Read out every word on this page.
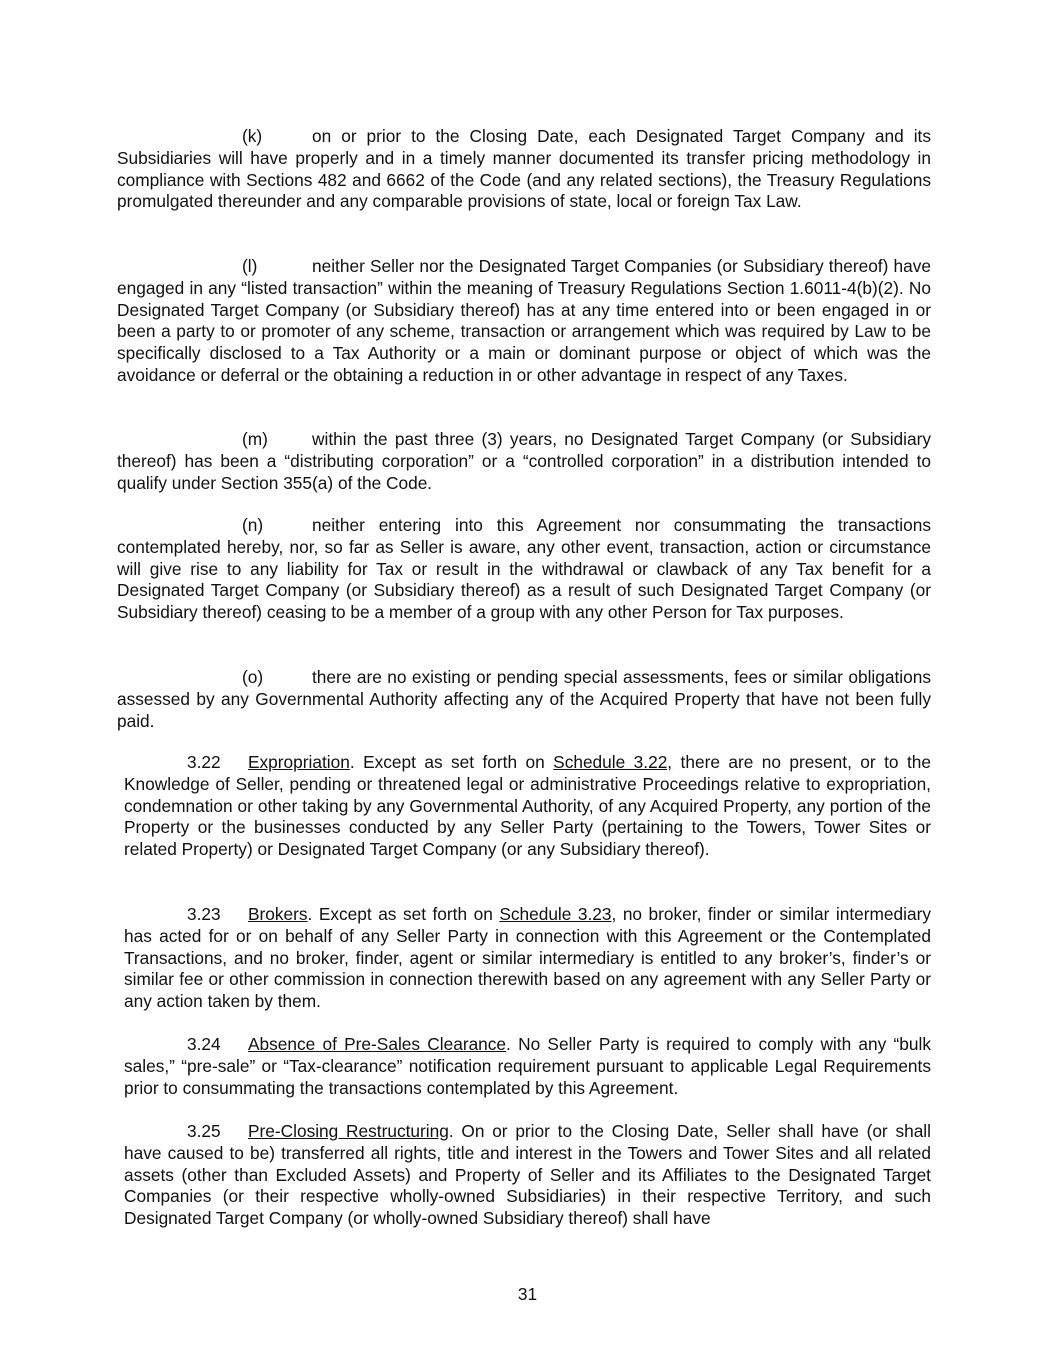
(k)	on or prior to the Closing Date, each Designated Target Company and its Subsidiaries will have properly and in a timely manner documented its transfer pricing methodology in compliance with Sections 482 and 6662 of the Code (and any related sections), the Treasury Regulations promulgated thereunder and any comparable provisions of state, local or foreign Tax Law.

(l)	neither Seller nor the Designated Target Companies (or Subsidiary thereof) have engaged in any “listed transaction” within the meaning of Treasury Regulations Section 1.6011-4(b)(2). No Designated Target Company (or Subsidiary thereof) has at any time entered into or been engaged in or been a party to or promoter of any scheme, transaction or arrangement which was required by Law to be specifically disclosed to a Tax Authority or a main or dominant purpose or object of which was the avoidance or deferral or the obtaining a reduction in or other advantage in respect of any Taxes.

(m)	within the past three (3) years, no Designated Target Company (or Subsidiary thereof) has been a “distributing corporation” or a “controlled corporation” in a distribution intended to qualify under Section 355(a) of the Code.

(n)	neither entering into this Agreement nor consummating the transactions contemplated hereby, nor, so far as Seller is aware, any other event, transaction, action or circumstance will give rise to any liability for Tax or result in the withdrawal or clawback of any Tax benefit for a Designated Target Company (or Subsidiary thereof) as a result of such Designated Target Company (or Subsidiary thereof) ceasing to be a member of a group with any other Person for Tax purposes.

(o)	there are no existing or pending special assessments, fees or similar obligations assessed by any Governmental Authority affecting any of the Acquired Property that have not been fully paid.

3.22 Expropriation. Except as set forth on Schedule 3.22, there are no present, or to the Knowledge of Seller, pending or threatened legal or administrative Proceedings relative to expropriation, condemnation or other taking by any Governmental Authority, of any Acquired Property, any portion of the Property or the businesses conducted by any Seller Party (pertaining to the Towers, Tower Sites or related Property) or Designated Target Company (or any Subsidiary thereof).

3.23 Brokers. Except as set forth on Schedule 3.23, no broker, finder or similar intermediary has acted for or on behalf of any Seller Party in connection with this Agreement or the Contemplated Transactions, and no broker, finder, agent or similar intermediary is entitled to any broker’s, finder’s or similar fee or other commission in connection therewith based on any agreement with any Seller Party or any action taken by them.

3.24 Absence of Pre-Sales Clearance. No Seller Party is required to comply with any “bulk sales,” “pre-sale” or “Tax-clearance” notification requirement pursuant to applicable Legal Requirements prior to consummating the transactions contemplated by this Agreement.

3.25 Pre-Closing Restructuring. On or prior to the Closing Date, Seller shall have (or shall have caused to be) transferred all rights, title and interest in the Towers and Tower Sites and all related assets (other than Excluded Assets) and Property of Seller and its Affiliates to the Designated Target Companies (or their respective wholly-owned Subsidiaries) in their respective Territory, and such Designated Target Company (or wholly-owned Subsidiary thereof) shall have

31
